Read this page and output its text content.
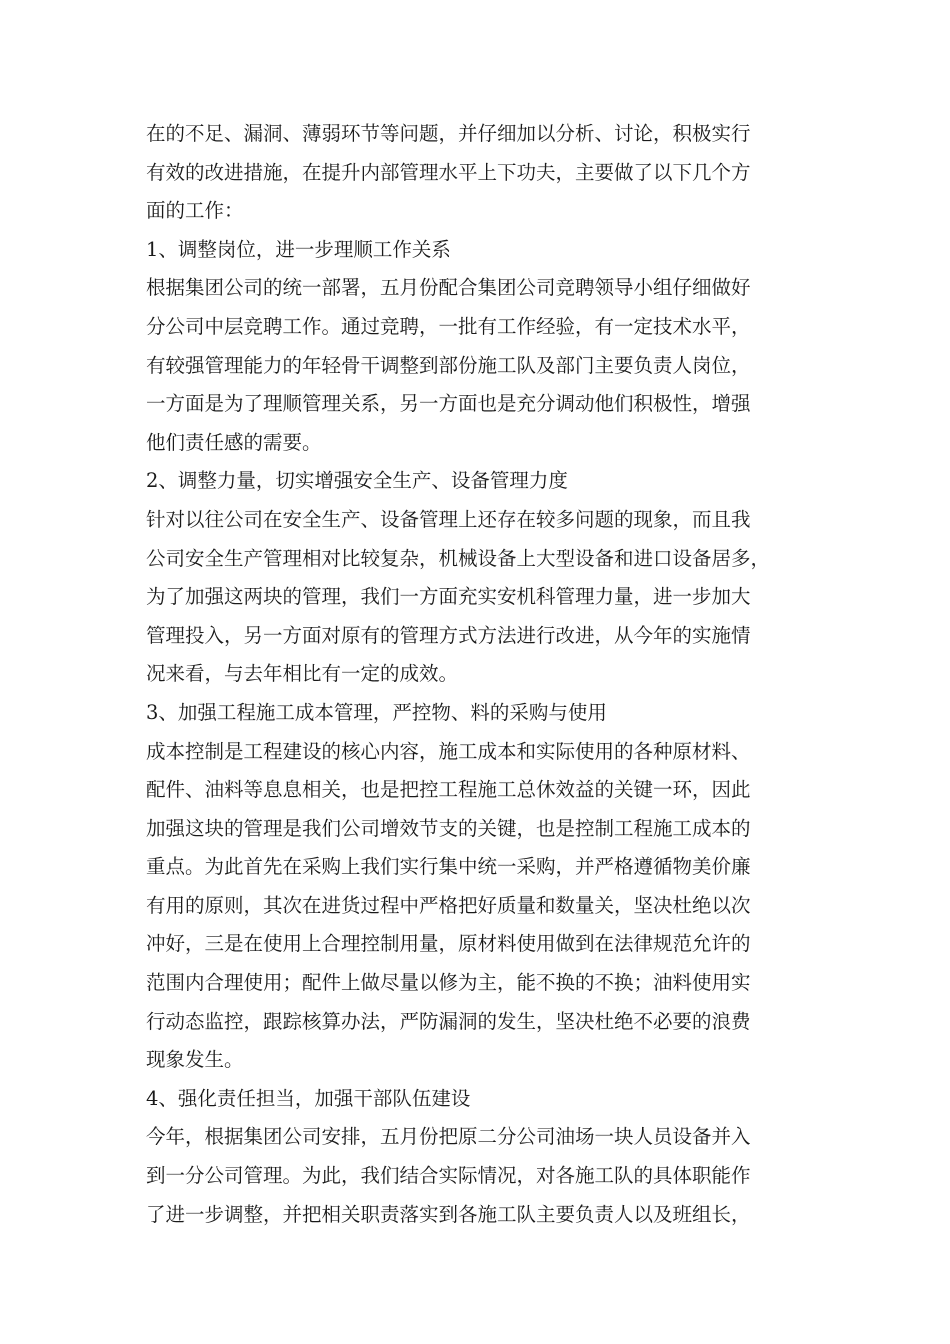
在的不足、漏洞、薄弱环节等问题，并仔细加以分析、讨论，积极实行
有效的改进措施，在提升内部管理水平上下功夫，主要做了以下几个方
面的工作：
1、调整岗位，进一步理顺工作关系
根据集团公司的统一部署，五月份配合集团公司竞聘领导小组仔细做好
分公司中层竞聘工作。通过竞聘，一批有工作经验，有一定技术水平，
有较强管理能力的年轻骨干调整到部份施工队及部门主要负责人岗位，
一方面是为了理顺管理关系，另一方面也是充分调动他们积极性，增强
他们责任感的需要。
2、调整力量，切实增强安全生产、设备管理力度
针对以往公司在安全生产、设备管理上还存在较多问题的现象，而且我
公司安全生产管理相对比较复杂，机械设备上大型设备和进口设备居多，
为了加强这两块的管理，我们一方面充实安机科管理力量，进一步加大
管理投入，另一方面对原有的管理方式方法进行改进，从今年的实施情
况来看，与去年相比有一定的成效。
3、加强工程施工成本管理，严控物、料的采购与使用
成本控制是工程建设的核心内容，施工成本和实际使用的各种原材料、
配件、油料等息息相关，也是把控工程施工总休效益的关键一环，因此
加强这块的管理是我们公司增效节支的关键，也是控制工程施工成本的
重点。为此首先在采购上我们实行集中统一采购，并严格遵循物美价廉
有用的原则，其次在进货过程中严格把好质量和数量关，坚决杜绝以次
冲好，三是在使用上合理控制用量，原材料使用做到在法律规范允许的
范围内合理使用；配件上做尽量以修为主，能不换的不换；油料使用实
行动态监控，跟踪核算办法，严防漏洞的发生，坚决杜绝不必要的浪费
现象发生。
4、强化责任担当，加强干部队伍建设
今年，根据集团公司安排，五月份把原二分公司油场一块人员设备并入
到一分公司管理。为此，我们结合实际情况，对各施工队的具体职能作
了进一步调整，并把相关职责落实到各施工队主要负责人以及班组长，
